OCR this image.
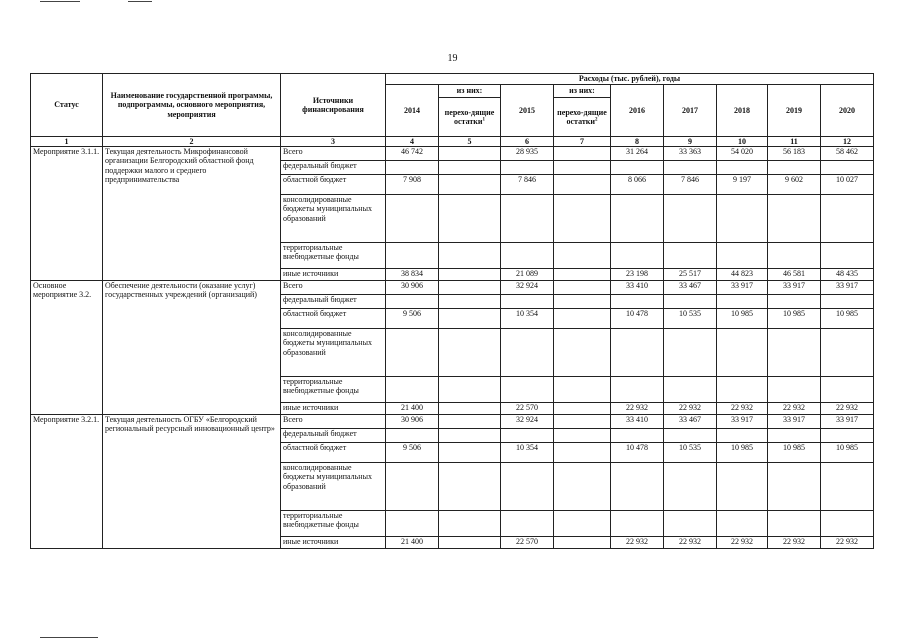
19
Статус	Наименование государственной программы, подпрограммы, основного мероприятия, мероприятия	Источники финансирования	Расходы (тыс. рублей), годы								
			2014	из них:	2015	из них:	2016	2017	2018	2019	2020
				перехо-дящие остатки$^1$		перехо-дящие остатки$^2$
1	2	3	4	5	6	7	8	9	10	11	12
Мероприятие 3.1.1.	Текущая деятельность Микрофинансовой организации Белгородский областной фонд поддержки малого и среднего предпринимательства	Всего	46 742		28 935		31 264	33 363	54 020	56 183	58 462
		федеральный бюджет									
		областной бюджет	7 908		7 846		8 066	7 846	9 197	9 602	10 027
		консолидированные бюджеты муниципальных образований									
		территориальные внебюджетные фонды									
		иные источники	38 834		21 089		23 198	25 517	44 823	46 581	48 435
Основное мероприятие 3.2.	Обеспечение деятельности (оказание услуг) государственных учреждений (организаций)	Всего	30 906		32 924		33 410	33 467	33 917	33 917	33 917
		федеральный бюджет									
		областной бюджет	9 506		10 354		10 478	10 535	10 985	10 985	10 985
		консолидированные бюджеты муниципальных образований									
		территориальные внебюджетные фонды									
		иные источники	21 400		22 570		22 932	22 932	22 932	22 932	22 932
Мероприятие 3.2.1.	Текущая деятельность ОГБУ «Белгородский региональный ресурсный инновационный центр»	Всего	30 906		32 924		33 410	33 467	33 917	33 917	33 917
		федеральный бюджет									
		областной бюджет	9 506		10 354		10 478	10 535	10 985	10 985	10 985
		консолидированные бюджеты муниципальных образований									
		территориальные внебюджетные фонды									
		иные источники	21 400		22 570		22 932	22 932	22 932	22 932	22 932
